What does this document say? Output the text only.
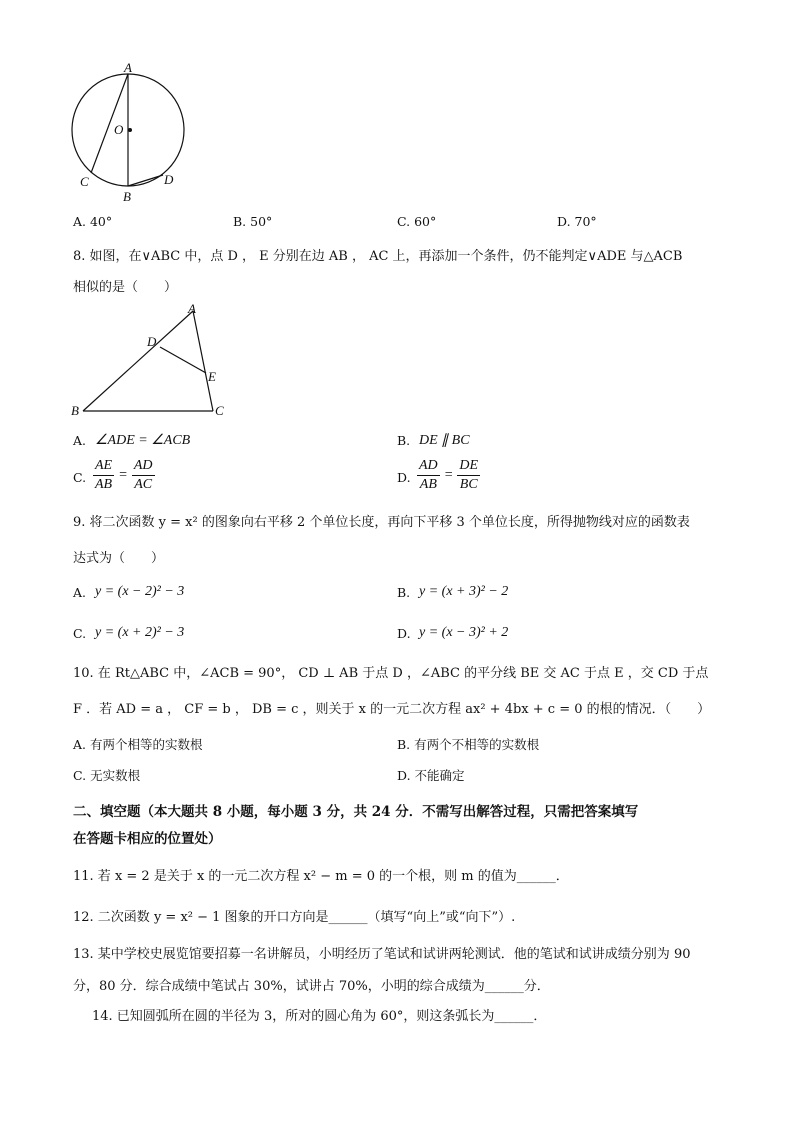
A
O
C
B
D
A. 40°	B. 50°	C. 60°	D. 70°
8. 如图，在∨ABC 中，点 D ， E 分别在边 AB ， AC 上，再添加一个条件，仍不能判定∨ADE 与△ACB
相似的是（　　）
A
D
E
B	C
A. ∠ADE = ∠ACB	B. DE ∥ BC
C. $\frac{AE}{AB} = \frac{AD}{AC}$	D. $\frac{AD}{AB} = \frac{DE}{BC}$
9. 将二次函数 y = x² 的图象向右平移 2 个单位长度，再向下平移 3 个单位长度，所得抛物线对应的函数表
达式为（　　）
A. y = (x − 2)² − 3	B. y = (x + 3)² − 2
C. y = (x + 2)² − 3	D. y = (x − 3)² + 2
10. 在 Rt△ABC 中，∠ACB = 90°， CD ⊥ AB 于点 D ，∠ABC 的平分线 BE 交 AC 于点 E ，交 CD 于点
F ．若 AD = a ， CF = b ， DB = c ，则关于 x 的一元二次方程 ax² + 4bx + c = 0 的根的情况．（　　）
A. 有两个相等的实数根	B. 有两个不相等的实数根
C. 无实数根	D. 不能确定
二、填空题（本大题共 8 小题，每小题 3 分，共 24 分．不需写出解答过程，只需把答案填写
在答题卡相应的位置处）
11. 若 x = 2 是关于 x 的一元二次方程 x² − m = 0 的一个根，则 m 的值为______．
12. 二次函数 y = x² − 1 图象的开口方向是______（填写“向上”或“向下”）.
13. 某中学校史展览馆要招募一名讲解员，小明经历了笔试和试讲两轮测试．他的笔试和试讲成绩分别为 90
分，80 分．综合成绩中笔试占 30%，试讲占 70%，小明的综合成绩为______分．
14. 已知圆弧所在圆的半径为 3，所对的圆心角为 60°，则这条弧长为______．
